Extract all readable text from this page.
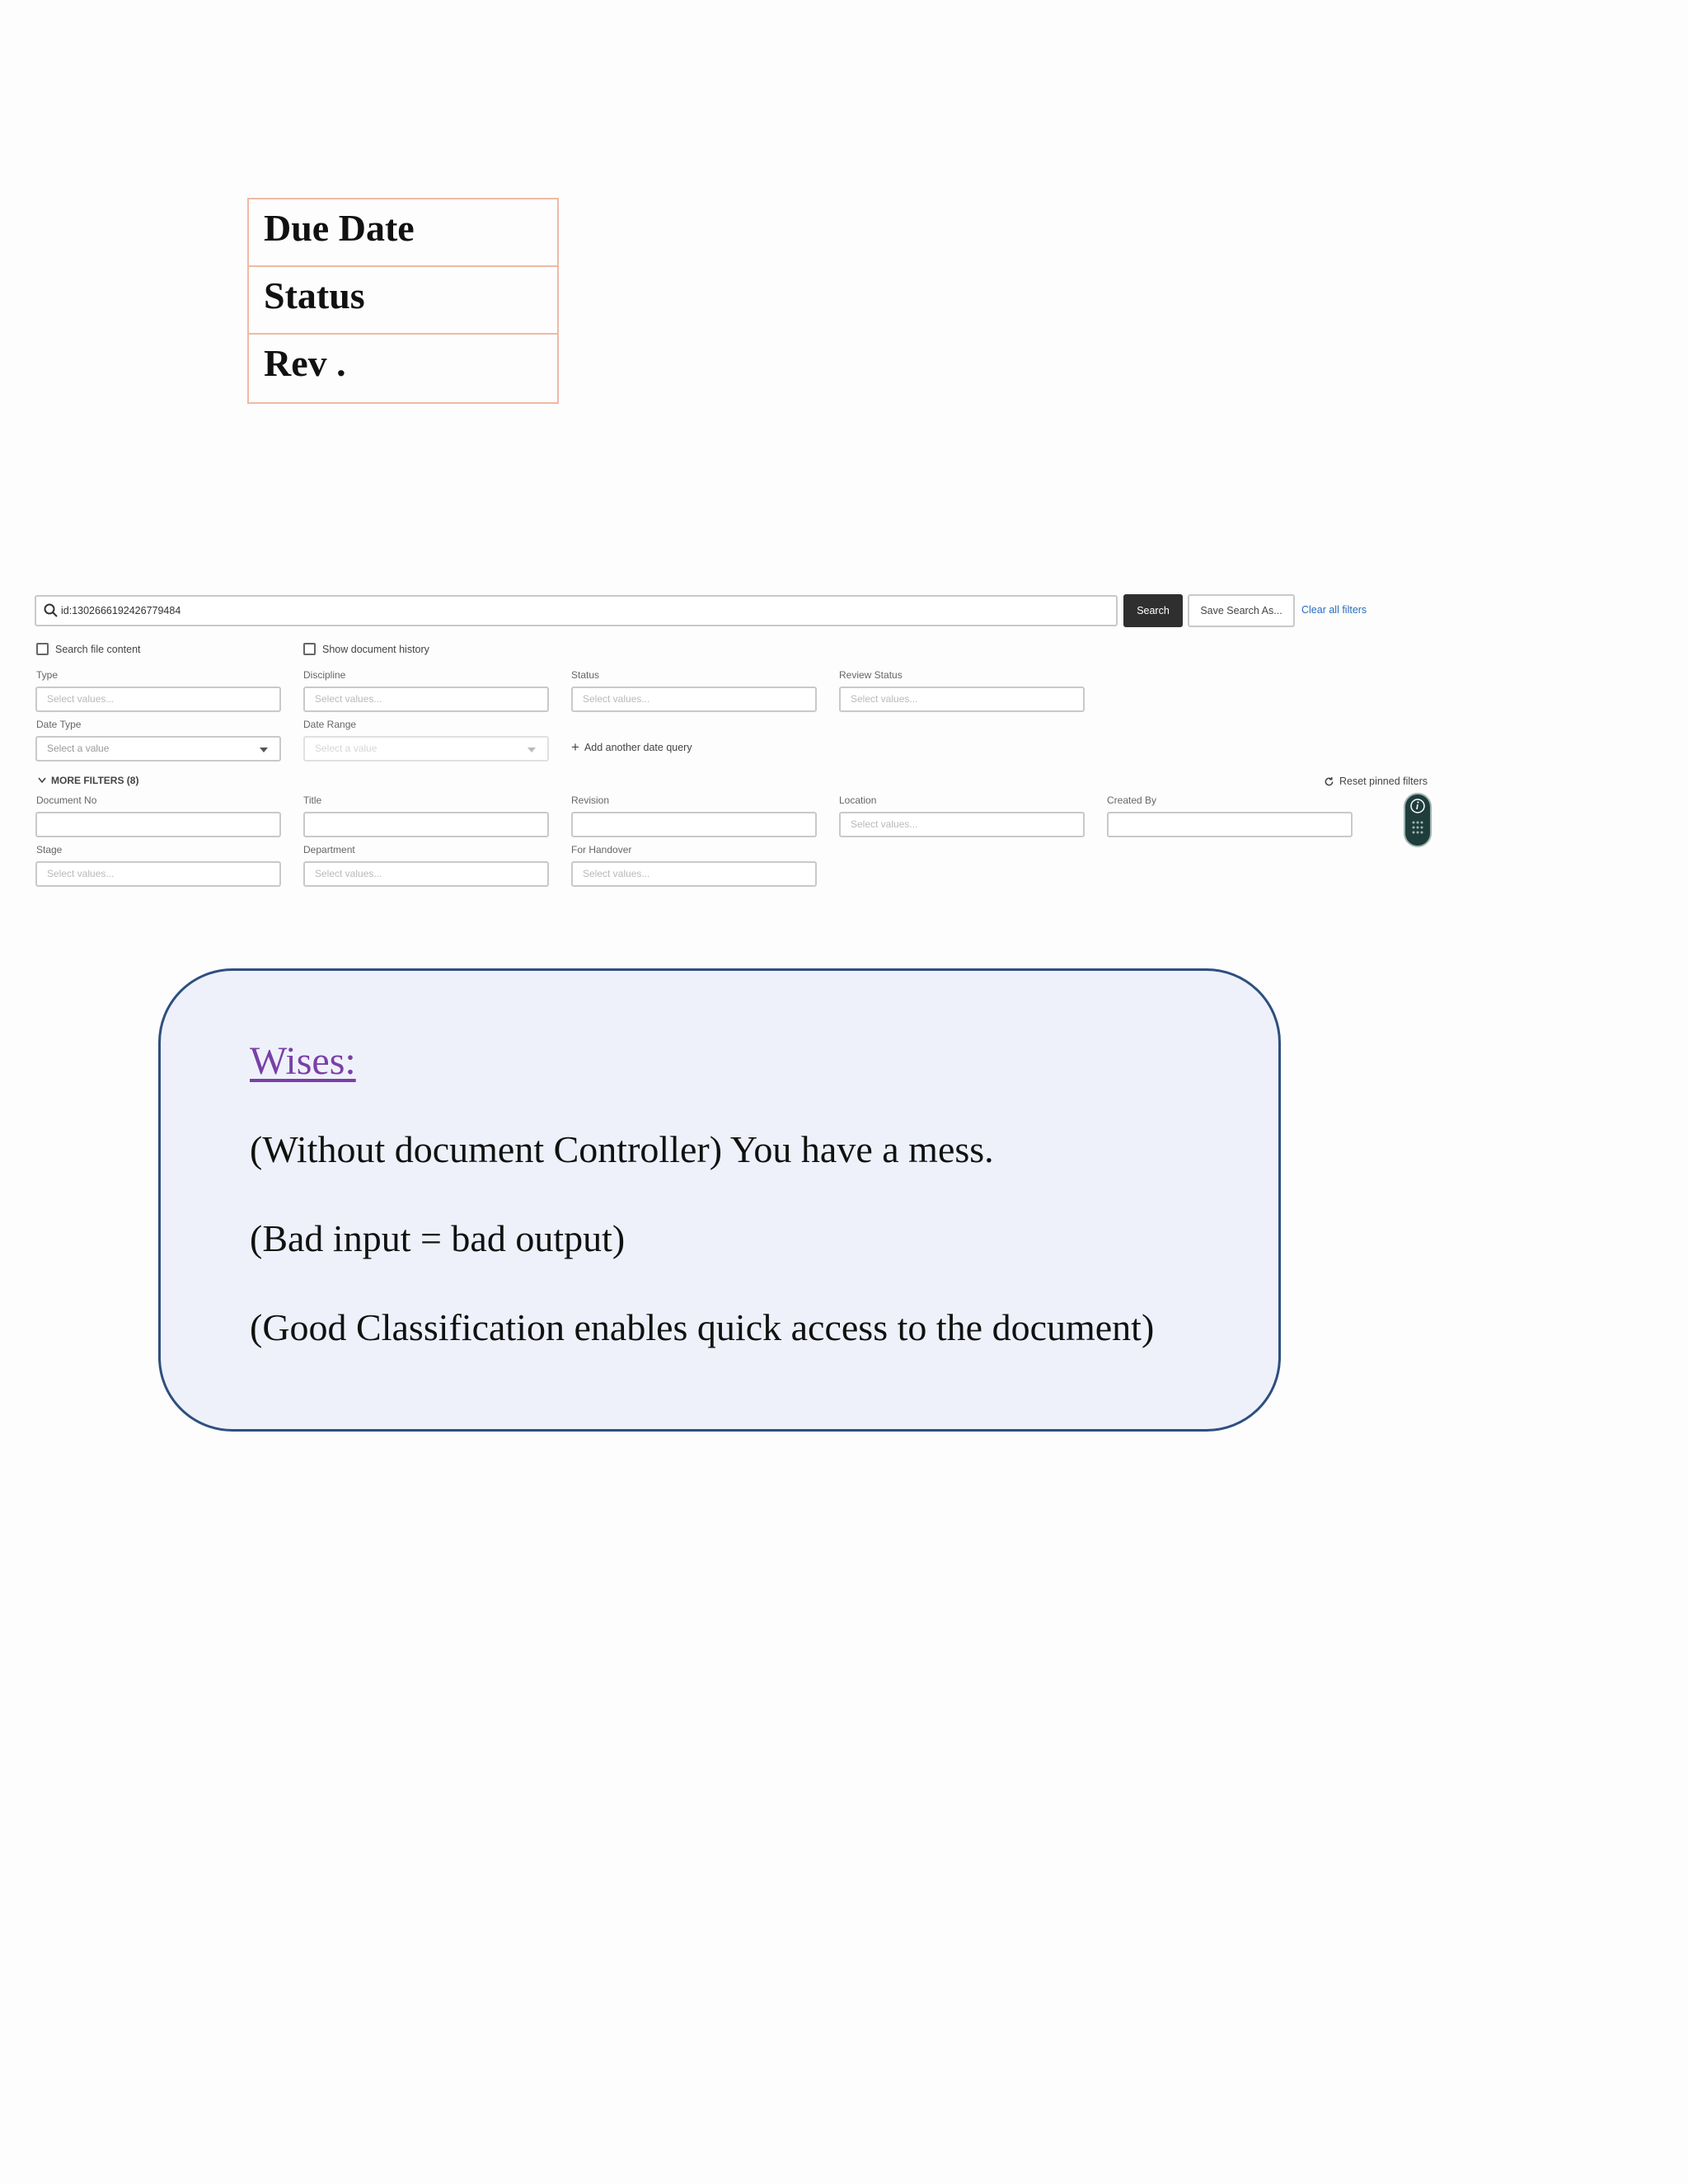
Due Date
Status
Rev .
id:1302666192426779484
Search	Save Search As...	Clear all filters
Search file content	Show document history
Type
Select values...
Discipline
Select values...
Status
Select values...
Review Status
Select values...
Date Type
Select a value
Date Range
Select a value	+ Add another date query
MORE FILTERS (8)	Reset pinned filters
Document No	Title	Revision	Location
Select values...
Created By
Stage
Select values...
Department
Select values...
For Handover
Select values...
Wises:
(Without document Controller) You have a mess.
(Bad input = bad output)
(Good Classification enables quick access to the document)
